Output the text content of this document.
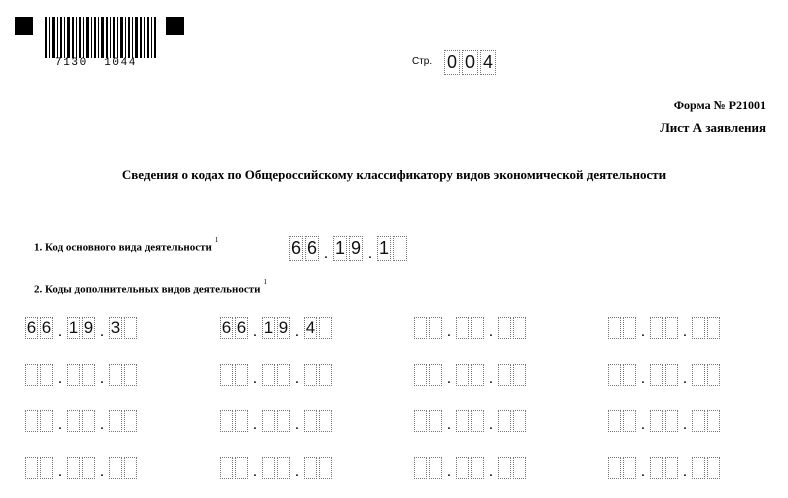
7130  1044	Стр. 0 0 4
Форма № Р21001
Лист А заявления
Сведения о кодах по Общероссийскому классификатору видов экономической деятельности
1. Код основного вида деятельности$^1$	6 6 . 1 9 . 1
2. Коды дополнительных видов деятельности$^1$
6 6 . 1 9 . 3	6 6 . 1 9 . 4	. .	. .
. .	. .	. .	. .
. .	. .	. .	. .
. .	. .	. .	. .
